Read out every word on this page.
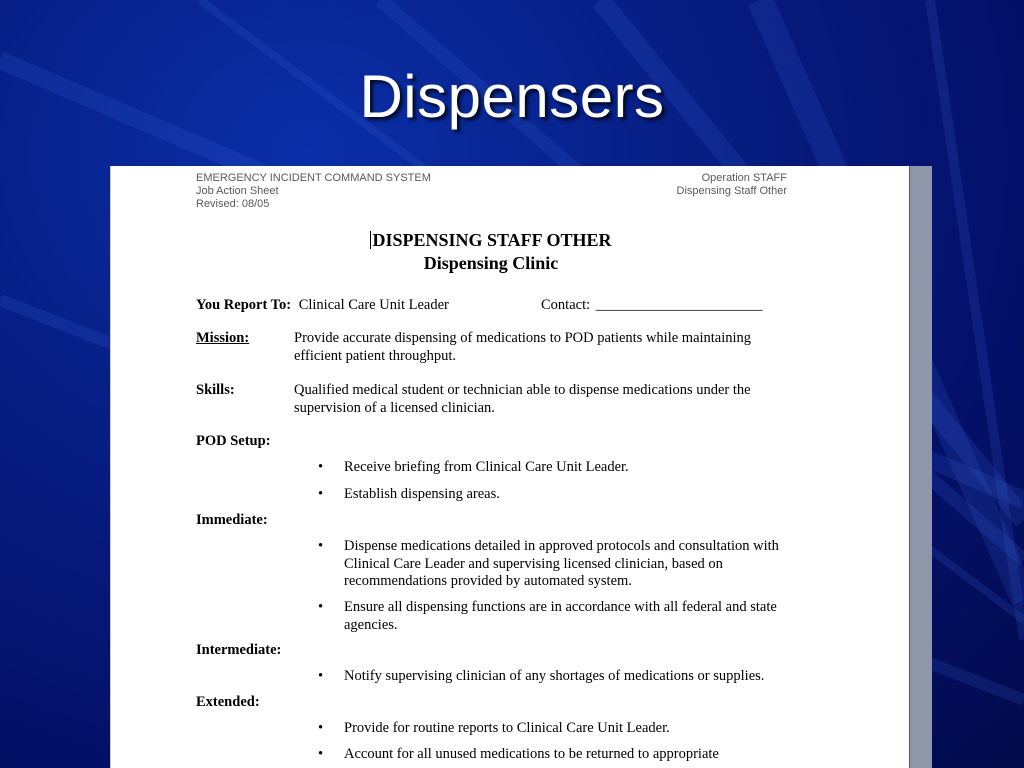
Dispensers
EMERGENCY INCIDENT COMMAND SYSTEM
Job Action Sheet
Revised: 08/05
Operation STAFF
Dispensing Staff Other
DISPENSING STAFF OTHER
Dispensing Clinic
You Report To: Clinical Care Unit Leader	Contact: _______________________
Mission:	Provide accurate dispensing of medications to POD patients while maintaining efficient patient throughput.
Skills:	Qualified medical student or technician able to dispense medications under the supervision of a licensed clinician.
POD Setup:
• Receive briefing from Clinical Care Unit Leader.
• Establish dispensing areas.
Immediate:
• Dispense medications detailed in approved protocols and consultation with Clinical Care Leader and supervising licensed clinician, based on recommendations provided by automated system.
• Ensure all dispensing functions are in accordance with all federal and state agencies.
Intermediate:
• Notify supervising clinician of any shortages of medications or supplies.
Extended:
• Provide for routine reports to Clinical Care Unit Leader.
• Account for all unused medications to be returned to appropriate
